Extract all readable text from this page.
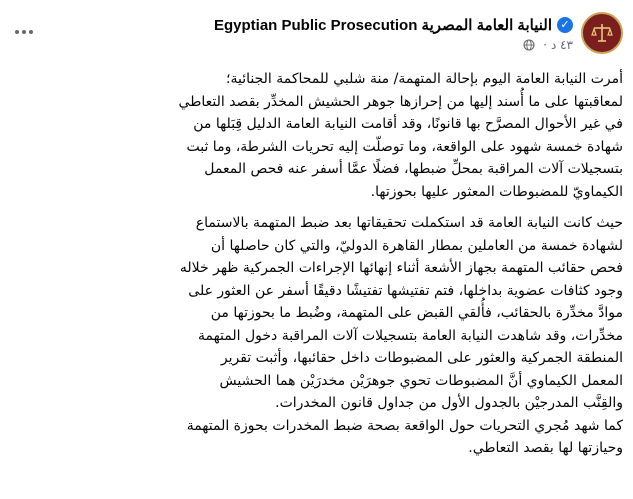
✓
النيابة العامة المصرية Egyptian Public Prosecution
٤٣ د
·

أمرت النيابة العامة اليوم بإحالة المتهمة/ منة شلبي للمحاكمة الجنائية؛
لمعاقبتها على ما أُسند إليها من إحرازها جوهر الحشيش المخدِّر بقصد التعاطي
في غير الأحوال المصرَّح بها قانونًا، وقد أقامت النيابة العامة الدليل قِبَلها من
شهادة خمسة شهود على الواقعة، وما توصلّت إليه تحريات الشرطة، وما ثبت
بتسجيلات آلات المراقبة بمحلِّ ضبطها، فضلًا عمَّا أسفر عنه فحص المعمل
الكيماويّ للمضبوطات المعثور عليها بحوزتها.

حيث كانت النيابة العامة قد استكملت تحقيقاتها بعد ضبط المتهمة بالاستماع
لشهادة خمسة من العاملين بمطار القاهرة الدوليّ، والتي كان حاصلها أن
فحص حقائب المتهمة بجهاز الأشعة أثناء إنهائها الإجراءات الجمركية ظهر خلاله
وجود كثافات عضوية بداخلها، فتم تفتيشها تفتيشًا دقيقًا أسفر عن العثور على
موادَّ مخدِّرة بالحقائب، فأُلقي القبض على المتهمة، وضُبط ما بحوزتها من
مخدِّرات، وقد شاهدت النيابة العامة بتسجيلات آلات المراقبة دخول المتهمة
المنطقة الجمركية والعثور على المضبوطات داخل حقائبها، وأثبت تقرير
المعمل الكيماوي أنَّ المضبوطات تحوي جوهرَيْن مخدرَيْن هما الحشيش
والقِنَّب المدرجيْن بالجدول الأول من جداول قانون المخدرات.
كما شهد مُجري التحريات حول الواقعة بصحة ضبط المخدرات بحوزة المتهمة
وحيازتها لها بقصد التعاطي.
